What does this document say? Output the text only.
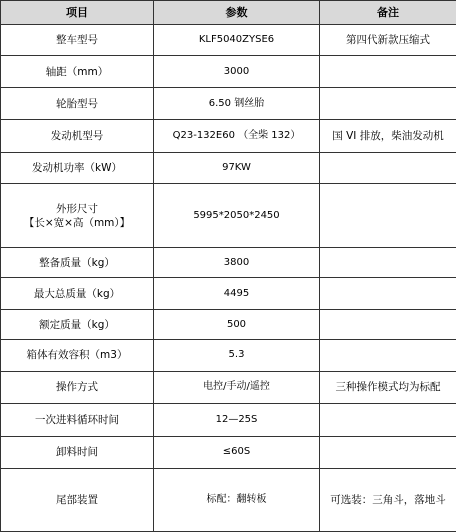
项目	参数	备注
整车型号	KLF5040ZYSE6	第四代新款压缩式
轴距（mm）	3000	
轮胎型号	6.50 钢丝胎	
发动机型号	Q23-132E60 （全柴 132）	国 VI 排放，柴油发动机
发动机功率（kW）	97KW	

外形尺寸
【长×宽×高（mm）】	5995*2050*2450	
整备质量（kg）	3800	
最大总质量（kg）	4495	
额定质量（kg）	500	
箱体有效容积（m3）	5.3	
操作方式	电控/手动/遥控	三种操作模式均为标配
一次进料循环时间	12—25S	
卸料时间	≤60S	
尾部装置	标配：翻转板	可选装：三角斗，落地斗
